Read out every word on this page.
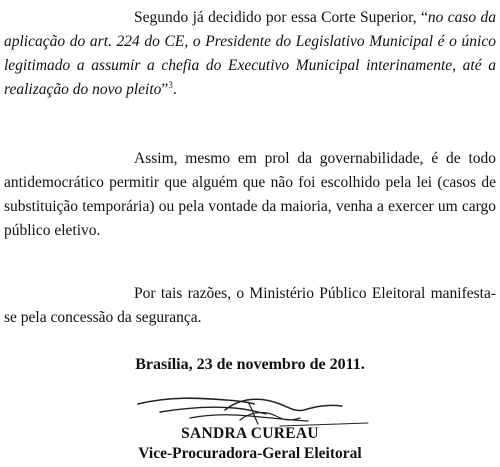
Segundo já decidido por essa Corte Superior, “no caso da aplicação do art. 224 do CE, o Presidente do Legislativo Municipal é o único legitimado a assumir a chefia do Executivo Municipal interinamente, até a realização do novo pleito”$^3$.

Assim, mesmo em prol da governabilidade, é de todo antidemocrático permitir que alguém que não foi escolhido pela lei (casos de substituição temporária) ou pela vontade da maioria, venha a exercer um cargo público eletivo.

Por tais razões, o Ministério Público Eleitoral manifesta-se pela concessão da segurança.

Brasília, 23 de novembro de 2011.
SANDRA CUREAU
Vice-Procuradora-Geral Eleitoral
